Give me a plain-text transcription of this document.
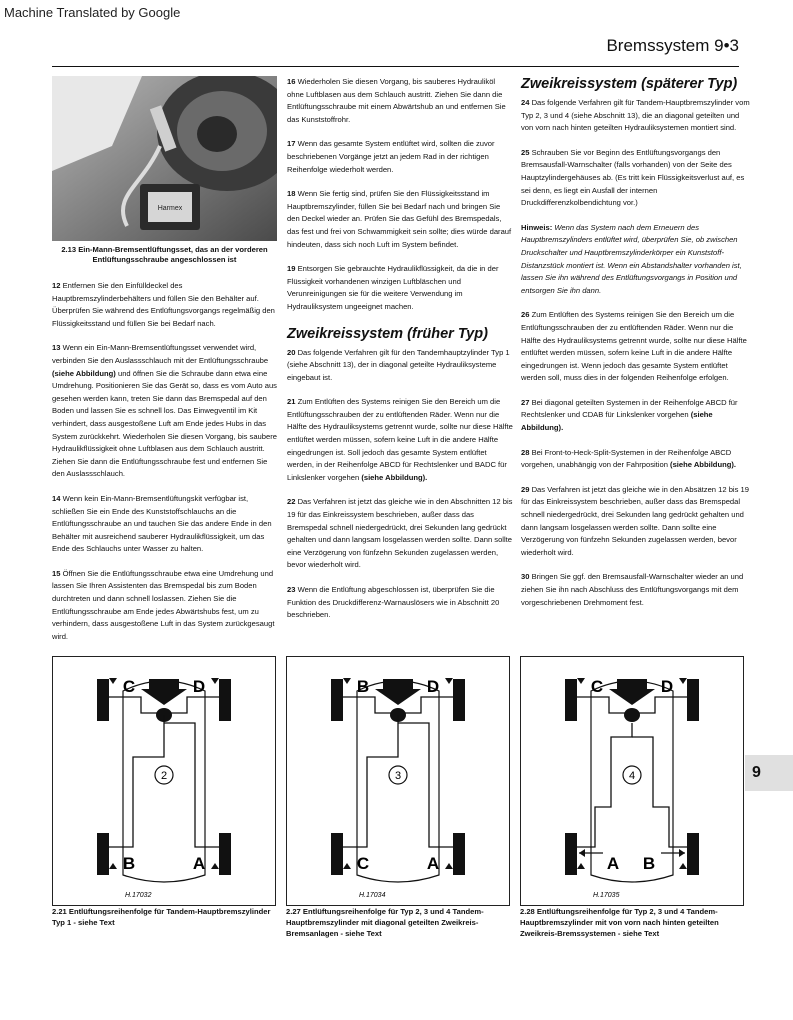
Machine Translated by Google
Bremssystem 9•3
Harmex
2.13 Ein-Mann-Bremsentlüftungsset, das an der vorderen Entlüftungsschraube angeschlossen ist

12 Entfernen Sie den Einfülldeckel des Hauptbremszylinderbehälters und füllen Sie den Behälter auf. Überprüfen Sie während des Entlüftungsvorgangs regelmäßig den Flüssigkeitsstand und füllen Sie bei Bedarf nach.

13 Wenn ein Ein-Mann-Bremsentlüftungsset verwendet wird, verbinden Sie den Auslassschlauch mit der Entlüftungsschraube (siehe Abbildung) und öffnen Sie die Schraube dann etwa eine Umdrehung. Positionieren Sie das Gerät so, dass es vom Auto aus gesehen werden kann, treten Sie dann das Bremspedal auf den Boden und lassen Sie es schnell los. Das Einwegventil im Kit verhindert, dass ausgestoßene Luft am Ende jedes Hubs in das System zurückkehrt. Wiederholen Sie diesen Vorgang, bis saubere Hydraulikflüssigkeit ohne Luftblasen aus dem Schlauch austritt. Ziehen Sie dann die Entlüftungsschraube fest und entfernen Sie den Auslassschlauch.

14 Wenn kein Ein-Mann-Bremsentlüftungskit verfügbar ist, schließen Sie ein Ende des Kunststoffschlauchs an die Entlüftungsschraube an und tauchen Sie das andere Ende in den Behälter mit ausreichend sauberer Hydraulikflüssigkeit, um das Ende des Schlauchs unter Wasser zu halten.

15 Öffnen Sie die Entlüftungsschraube etwa eine Umdrehung und lassen Sie Ihren Assistenten das Bremspedal bis zum Boden durchtreten und dann schnell loslassen. Ziehen Sie die Entlüftungsschraube am Ende jedes Abwärtshubs fest, um zu verhindern, dass ausgestoßene Luft in das System zurückgesaugt wird.

16 Wiederholen Sie diesen Vorgang, bis sauberes Hydrauliköl ohne Luftblasen aus dem Schlauch austritt. Ziehen Sie dann die Entlüftungsschraube mit einem Abwärtshub an und entfernen Sie das Kunststoffrohr.

17 Wenn das gesamte System entlüftet wird, sollten die zuvor beschriebenen Vorgänge jetzt an jedem Rad in der richtigen Reihenfolge wiederholt werden.

18 Wenn Sie fertig sind, prüfen Sie den Flüssigkeitsstand im Hauptbremszylinder, füllen Sie bei Bedarf nach und bringen Sie den Deckel wieder an. Prüfen Sie das Gefühl des Bremspedals, das fest und frei von Schwammigkeit sein sollte; dies würde darauf hindeuten, dass sich noch Luft im System befindet.

19 Entsorgen Sie gebrauchte Hydraulikflüssigkeit, da die in der Flüssigkeit vorhandenen winzigen Luftbläschen und Verunreinigungen sie für die weitere Verwendung im Hydrauliksystem ungeeignet machen.

Zweikreissystem (früher Typ)

20 Das folgende Verfahren gilt für den Tandemhauptzylinder Typ 1 (siehe Abschnitt 13), der in diagonal geteilte Hydrauliksysteme eingebaut ist.

21 Zum Entlüften des Systems reinigen Sie den Bereich um die Entlüftungsschrauben der zu entlüftenden Räder. Wenn nur die Hälfte des Hydrauliksystems getrennt wurde, sollte nur diese Hälfte entlüftet werden müssen, sofern keine Luft in die andere Hälfte eingedrungen ist. Soll jedoch das gesamte System entlüftet werden, in der Reihenfolge ABCD für Rechtslenker und BADC für Linkslenker vorgehen (siehe Abbildung).

22 Das Verfahren ist jetzt das gleiche wie in den Abschnitten 12 bis 19 für das Einkreissystem beschrieben, außer dass das Bremspedal schnell niedergedrückt, drei Sekunden lang gedrückt gehalten und dann langsam losgelassen werden sollte. Dann sollte eine Verzögerung von fünfzehn Sekunden zugelassen werden, bevor wiederholt wird.

23 Wenn die Entlüftung abgeschlossen ist, überprüfen Sie die Funktion des Druckdifferenz-Warnauslösers wie in Abschnitt 20 beschrieben.

Zweikreissystem (späterer Typ)

24 Das folgende Verfahren gilt für Tandem-Hauptbremszylinder vom Typ 2, 3 und 4 (siehe Abschnitt 13), die an diagonal geteilten und von vorn nach hinten geteilten Hydrauliksystemen montiert sind.

25 Schrauben Sie vor Beginn des Entlüftungsvorgangs den Bremsausfall-Warnschalter (falls vorhanden) von der Seite des Hauptzylindergehäuses ab. (Es tritt kein Flüssigkeitsverlust auf, es sei denn, es liegt ein Ausfall der internen Druckdifferenzkolbendichtung vor.)

Hinweis: Wenn das System nach dem Erneuern des Hauptbremszylinders entlüftet wird, überprüfen Sie, ob zwischen Druckschalter und Hauptbremszylinderkörper ein Kunststoff-Distanzstück montiert ist. Wenn ein Abstandshalter vorhanden ist, lassen Sie ihn während des Entlüftungsvorgangs in Position und entsorgen Sie ihn dann.

26 Zum Entlüften des Systems reinigen Sie den Bereich um die Entlüftungsschrauben der zu entlüftenden Räder. Wenn nur die Hälfte des Hydrauliksystems getrennt wurde, sollte nur diese Hälfte entlüftet werden müssen, sofern keine Luft in die andere Hälfte eingedrungen ist. Wenn jedoch das gesamte System entlüftet werden soll, muss dies in der folgenden Reihenfolge erfolgen.

27 Bei diagonal geteilten Systemen in der Reihenfolge ABCD für Rechtslenker und CDAB für Linkslenker vorgehen (siehe Abbildung).

28 Bei Front-to-Heck-Split-Systemen in der Reihenfolge ABCD vorgehen, unabhängig von der Fahrposition (siehe Abbildung).

29 Das Verfahren ist jetzt das gleiche wie in den Absätzen 12 bis 19 für das Einkreissystem beschrieben, außer dass das Bremspedal schnell niedergedrückt, drei Sekunden lang gedrückt gehalten und dann langsam losgelassen werden sollte. Dann sollte eine Verzögerung von fünfzehn Sekunden zugelassen werden, bevor wiederholt wird.

30 Bringen Sie ggf. den Bremsausfall-Warnschalter wieder an und ziehen Sie ihn nach Abschluss des Entlüftungsvorgangs mit dem vorgeschriebenen Drehmoment fest.

9
2
C	D
B	A
H.17032
3
B	D
C	A
H.17034
4
C	D
A B
H.17035
2.21 Entlüftungsreihenfolge für Tandem-Hauptbremszylinder Typ 1 - siehe Text
2.27 Entlüftungsreihenfolge für Typ 2, 3 und 4 Tandem-Hauptbremszylinder mit diagonal geteilten Zweikreis-Bremsanlagen - siehe Text
2.28 Entlüftungsreihenfolge für Typ 2, 3 und 4 Tandem-Hauptbremszylinder mit von vorn nach hinten geteilten Zweikreis-Bremssystemen - siehe Text
